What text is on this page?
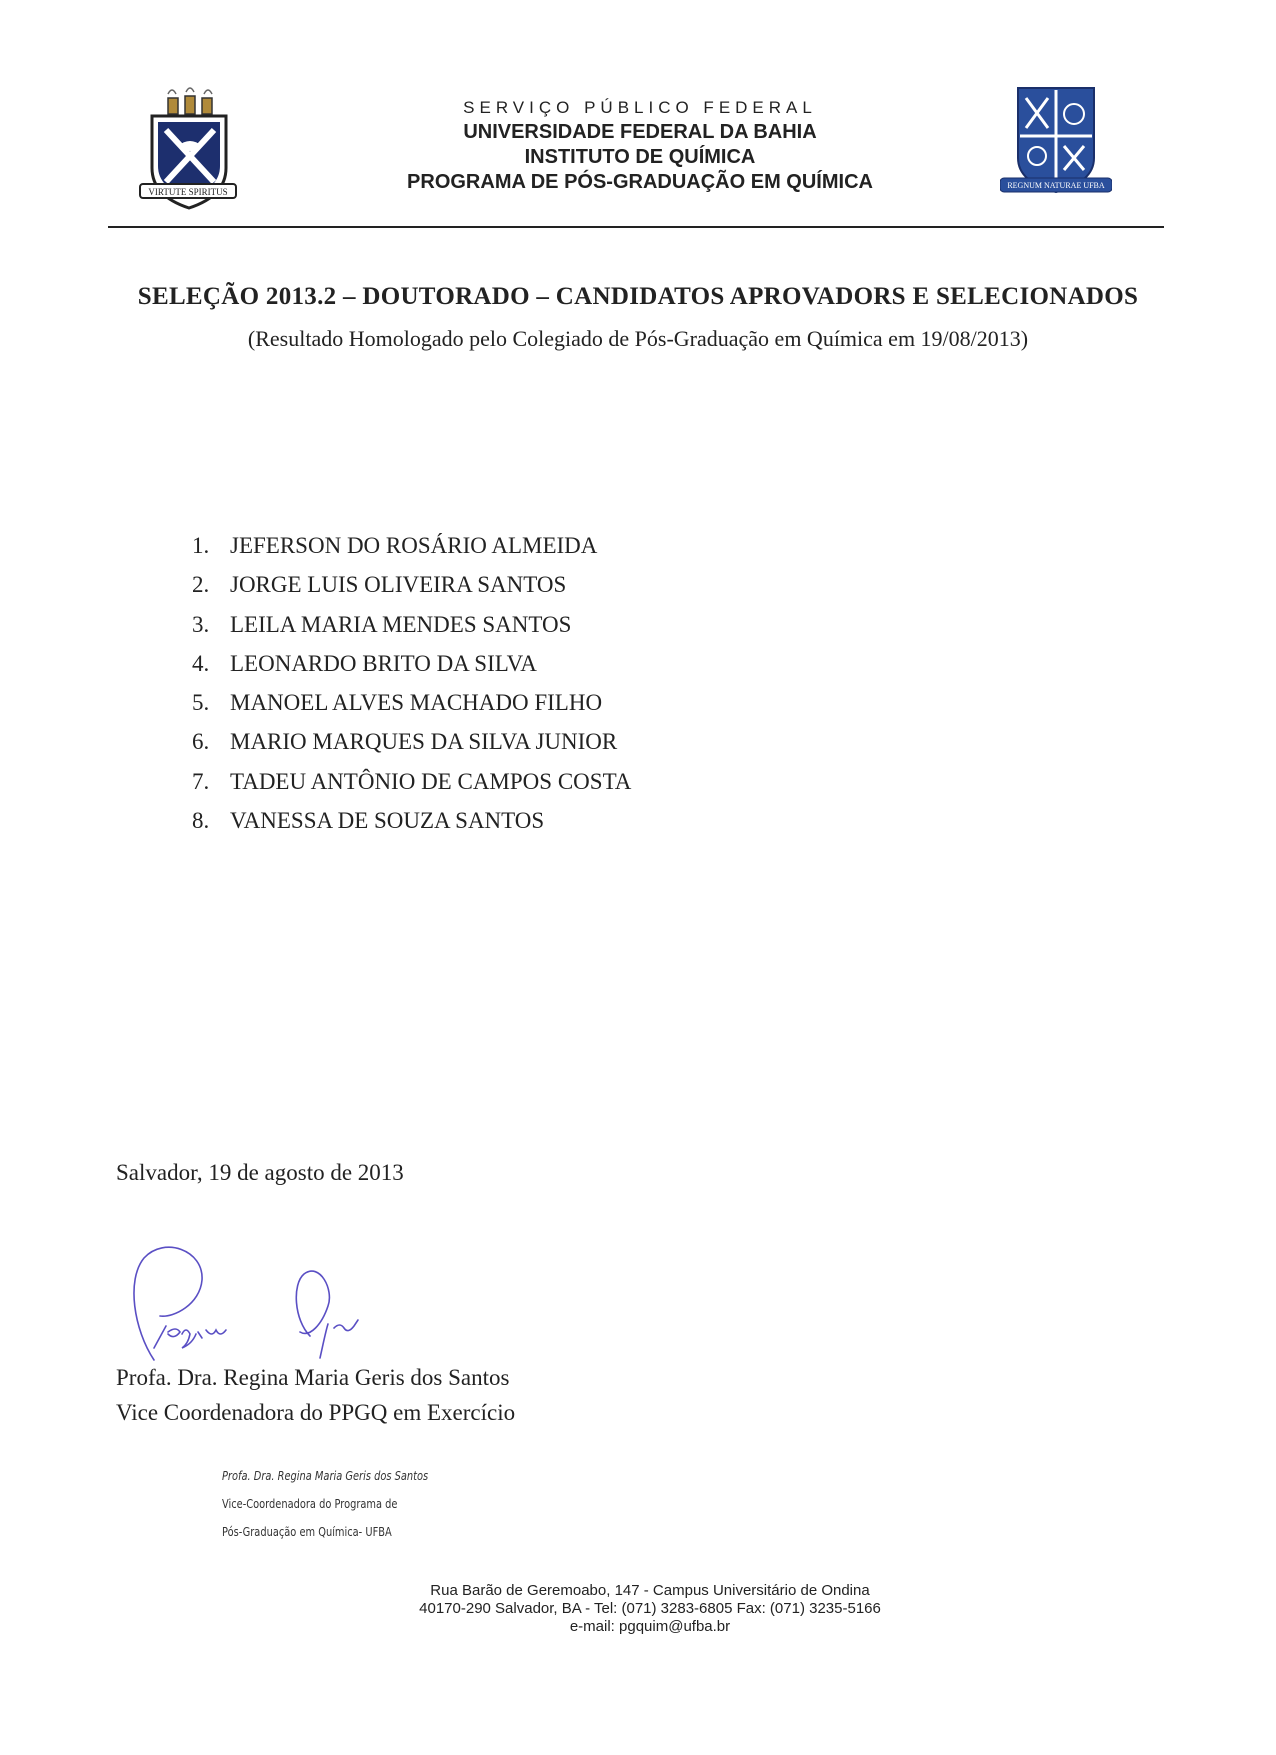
VIRTUTE SPIRITUS
REGNUM NATURAE UFBA
SERVIÇO PÚBLICO FEDERAL
UNIVERSIDADE FEDERAL DA BAHIA
INSTITUTO DE QUÍMICA
PROGRAMA DE PÓS-GRADUAÇÃO EM QUÍMICA
SELEÇÃO 2013.2 – DOUTORADO – CANDIDATOS APROVADORS E SELECIONADOS
(Resultado Homologado pelo Colegiado de Pós-Graduação em Química em 19/08/2013)
1. JEFERSON DO ROSÁRIO ALMEIDA
2. JORGE LUIS OLIVEIRA SANTOS
3. LEILA MARIA MENDES SANTOS
4. LEONARDO BRITO DA SILVA
5. MANOEL ALVES MACHADO FILHO
6. MARIO MARQUES DA SILVA JUNIOR
7. TADEU ANTÔNIO DE CAMPOS COSTA
8. VANESSA DE SOUZA SANTOS
Salvador, 19 de agosto de 2013
Profa. Dra. Regina Maria Geris dos Santos
Vice Coordenadora do PPGQ em Exercício
Profa. Dra. Regina Maria Geris dos Santos
Vice-Coordenadora do Programa de
Pós-Graduação em Química- UFBA
Rua Barão de Geremoabo, 147 - Campus Universitário de Ondina
40170-290 Salvador, BA - Tel: (071) 3283-6805 Fax: (071) 3235-5166
e-mail: pgquim@ufba.br
